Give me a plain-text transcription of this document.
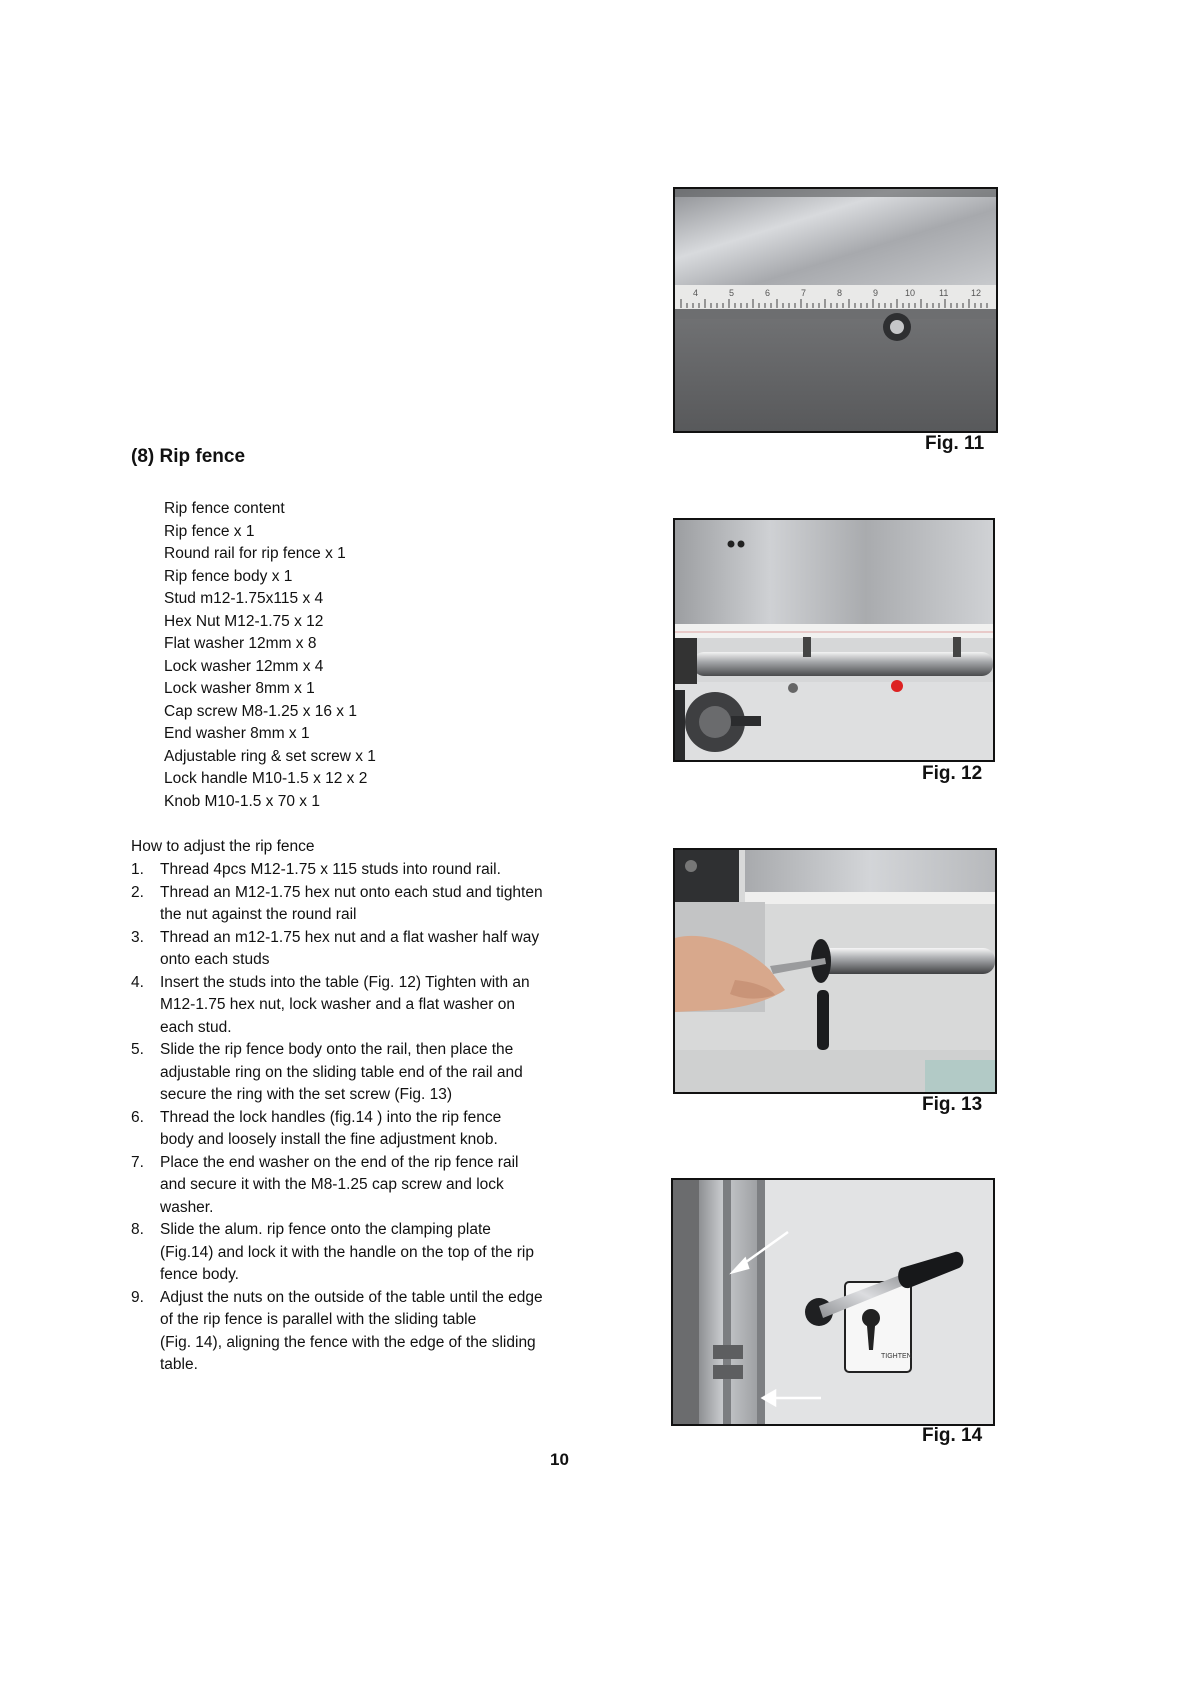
(8) Rip fence
Rip fence content
Rip fence x 1
Round rail for rip fence x 1
Rip fence body x 1
Stud m12-1.75x115 x 4
Hex Nut M12-1.75 x 12
Flat washer 12mm x 8
Lock washer 12mm x 4
Lock washer 8mm x 1
Cap screw M8-1.25 x 16 x 1
End washer 8mm x 1
Adjustable ring & set screw x 1
Lock handle M10-1.5 x 12 x 2
Knob M10-1.5 x 70 x 1
How to adjust the rip fence
1.	Thread 4pcs M12-1.75 x 115 studs into round rail.
2.	Thread an M12-1.75 hex nut onto each stud and tighten
the nut against the round rail
3.	Thread an m12-1.75 hex nut and a flat washer half way
onto each studs
4.	Insert the studs into the table (Fig. 12) Tighten with an
M12-1.75 hex nut, lock washer and a flat washer on
each stud.
5.	Slide the rip fence body onto the rail, then place the
adjustable ring on the sliding table end of the rail and
secure the ring with the set screw (Fig. 13)
6.	Thread the lock handles (fig.14 ) into the rip fence
body and loosely install the fine adjustment knob.
7.	Place the end washer on the end of the rip fence rail
and secure it with the M8-1.25 cap screw and lock
washer.
8.	Slide the alum. rip fence onto the clamping plate
(Fig.14) and lock it with the handle on the top of the rip
fence body.
9.	Adjust the nuts on the outside of the table until the edge
of the rip fence is parallel with the sliding table
(Fig. 14), aligning the fence with the edge of the sliding
table.
10
4	5	6	7	8	9	10	11	12
Fig. 11
Fig. 12
Fig. 13
TIGHTEN
Fig. 14
